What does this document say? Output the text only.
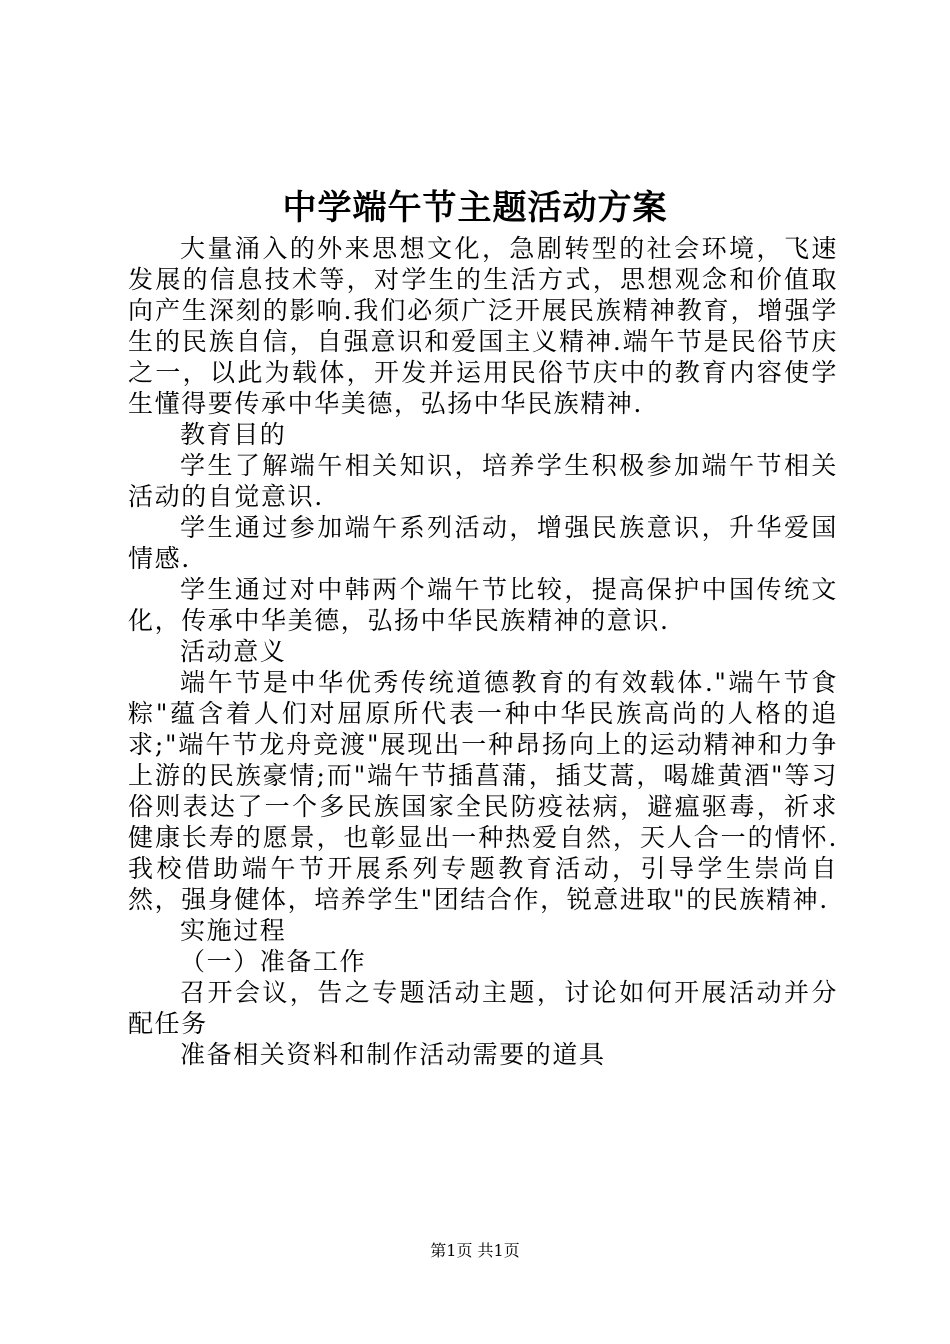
中学端午节主题活动方案

大量涌入的外来思想文化，急剧转型的社会环境，飞速发展的信息技术等，对学生的生活方式，思想观念和价值取向产生深刻的影响.我们必须广泛开展民族精神教育，增强学生的民族自信，自强意识和爱国主义精神.端午节是民俗节庆之一，以此为载体，开发并运用民俗节庆中的教育内容使学生懂得要传承中华美德，弘扬中华民族精神.

教育目的

学生了解端午相关知识，培养学生积极参加端午节相关活动的自觉意识.

学生通过参加端午系列活动，增强民族意识，升华爱国情感.

学生通过对中韩两个端午节比较，提高保护中国传统文化，传承中华美德，弘扬中华民族精神的意识.

活动意义

端午节是中华优秀传统道德教育的有效载体."端午节食粽"蕴含着人们对屈原所代表一种中华民族高尚的人格的追求;"端午节龙舟竞渡"展现出一种昂扬向上的运动精神和力争上游的民族豪情;而"端午节插菖蒲，插艾蒿，喝雄黄酒"等习俗则表达了一个多民族国家全民防疫祛病，避瘟驱毒，祈求健康长寿的愿景，也彰显出一种热爱自然，天人合一的情怀.我校借助端午节开展系列专题教育活动，引导学生崇尚自然，强身健体，培养学生"团结合作，锐意进取"的民族精神.

实施过程

（一）准备工作

召开会议，告之专题活动主题，讨论如何开展活动并分配任务

准备相关资料和制作活动需要的道具

第1页 共1页
